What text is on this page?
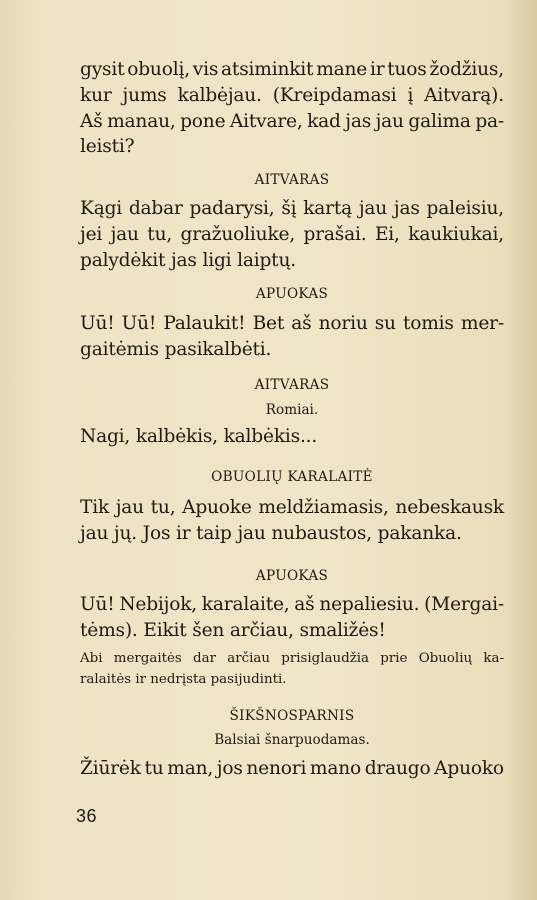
gysit obuolį, vis atsiminkit mane ir tuos žodžius,
kur jums kalbėjau. (Kreipdamasi į Aitvarą).
Aš manau, pone Aitvare, kad jas jau galima pa-
leisti?
AITVARAS
Kągi dabar padarysi, šį kartą jau jas paleisiu,
jei jau tu, gražuoliuke, prašai. Ei, kaukiukai,
palydėkit jas ligi laiptų.
APUOKAS
Uū! Uū! Palaukit! Bet aš noriu su tomis mer-
gaitėmis pasikalbėti.
AITVARAS
Romiai.
Nagi, kalbėkis, kalbėkis...
OBUOLIŲ KARALAITĖ
Tik jau tu, Apuoke meldžiamasis, nebeskausk
jau jų. Jos ir taip jau nubaustos, pakanka.
APUOKAS
Uū! Nebijok, karalaite, aš nepaliesiu. (Mergai-
tėms). Eikit šen arčiau, smaližės!
Abi mergaitės dar arčiau prisiglaudžia prie Obuolių ka-
ralaitės ir nedrįsta pasijudinti.
ŠIKŠNOSPARNIS
Balsiai šnarpuodamas.
Žiūrėk tu man, jos nenori mano draugo Apuoko
36
